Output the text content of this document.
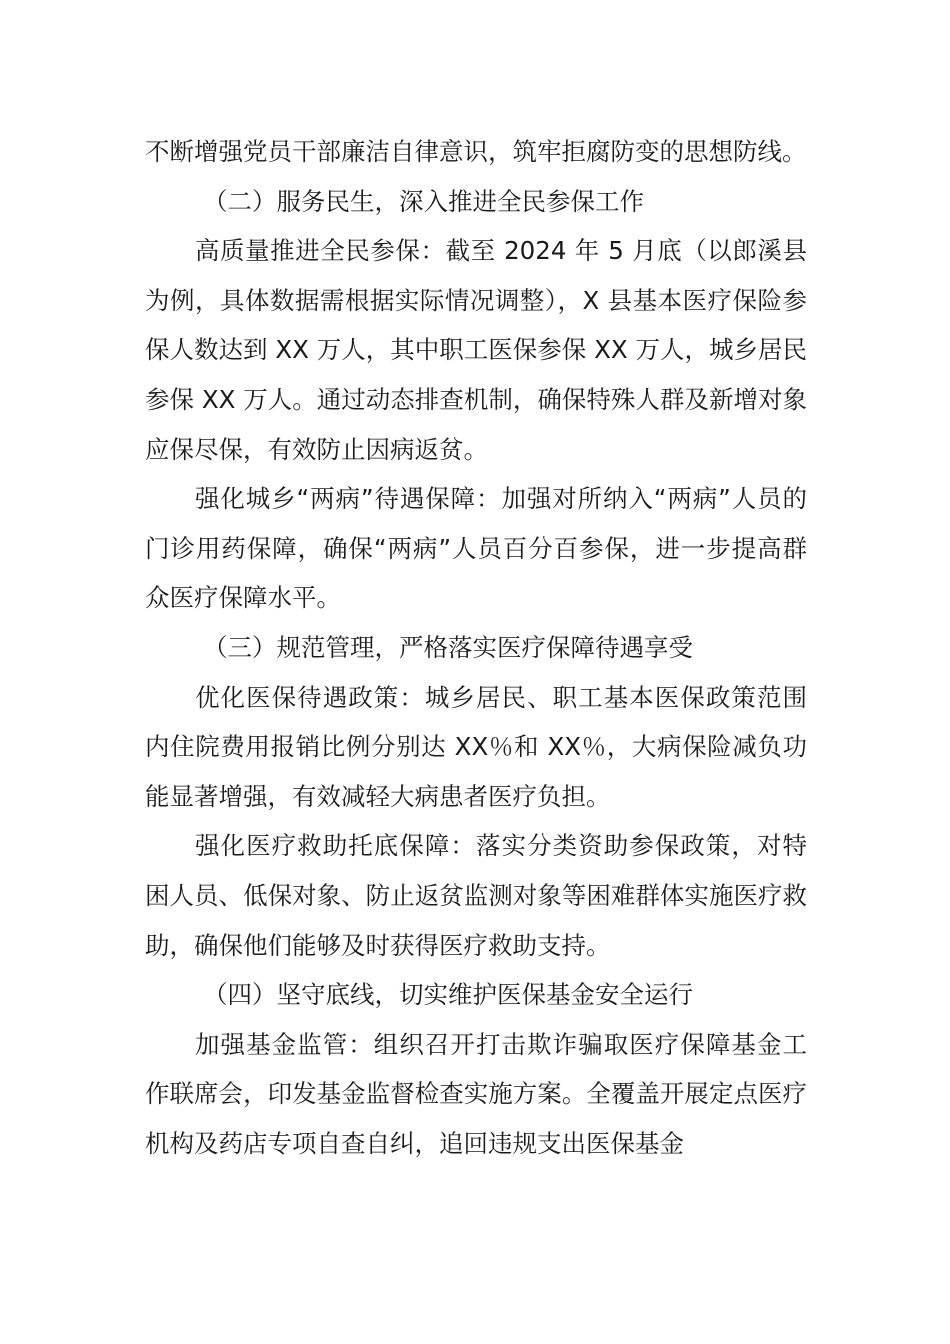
不断增强党员干部廉洁自律意识，筑牢拒腐防变的思想防线。

（二）服务民生，深入推进全民参保工作

高质量推进全民参保：截至 2024 年 5 月底（以郎溪县为例，具体数据需根据实际情况调整），X 县基本医疗保险参保人数达到 XX 万人，其中职工医保参保 XX 万人，城乡居民参保 XX 万人。通过动态排查机制，确保特殊人群及新增对象应保尽保，有效防止因病返贫。

强化城乡“两病”待遇保障：加强对所纳入“两病”人员的门诊用药保障，确保“两病”人员百分百参保，进一步提高群众医疗保障水平。

（三）规范管理，严格落实医疗保障待遇享受

优化医保待遇政策：城乡居民、职工基本医保政策范围内住院费用报销比例分别达 XX％和 XX％，大病保险减负功能显著增强，有效减轻大病患者医疗负担。

强化医疗救助托底保障：落实分类资助参保政策，对特困人员、低保对象、防止返贫监测对象等困难群体实施医疗救助，确保他们能够及时获得医疗救助支持。

（四）坚守底线，切实维护医保基金安全运行

加强基金监管：组织召开打击欺诈骗取医疗保障基金工作联席会，印发基金监督检查实施方案。全覆盖开展定点医疗机构及药店专项自查自纠，追回违规支出医保基金
